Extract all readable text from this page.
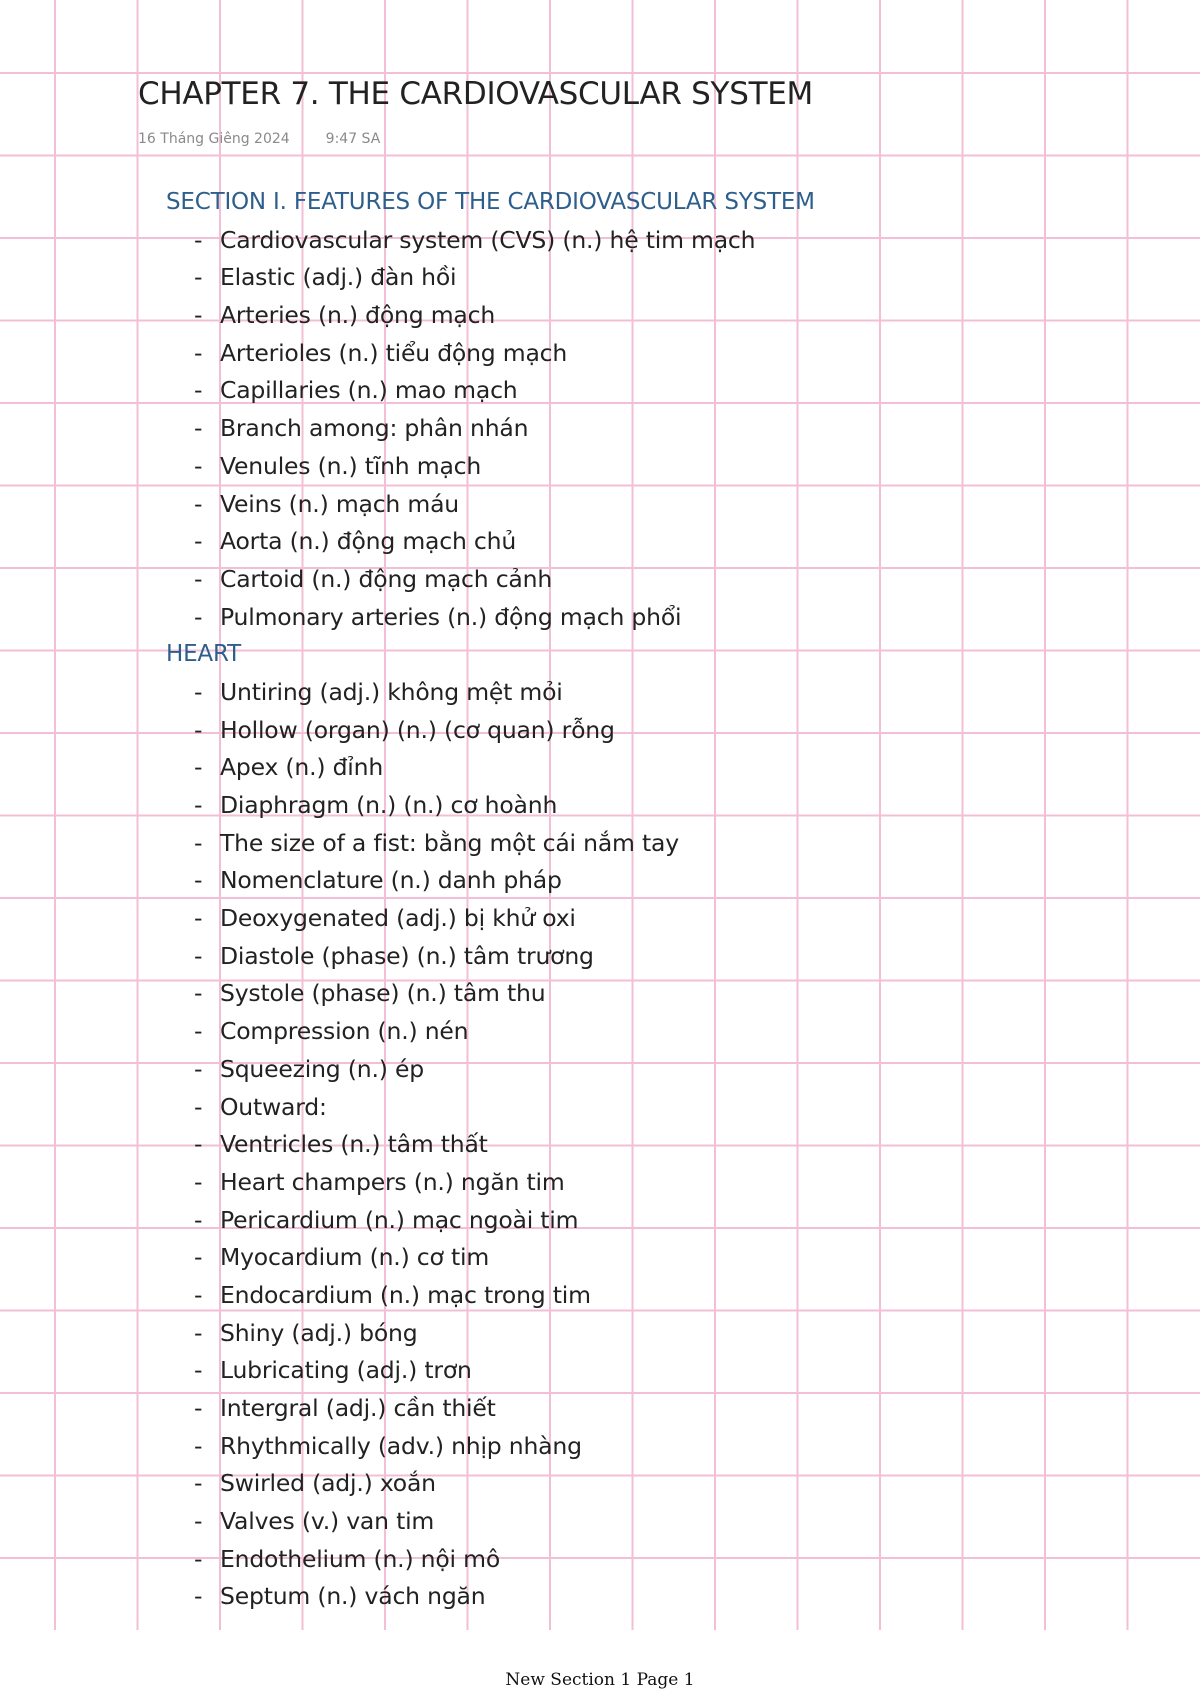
CHAPTER 7. THE CARDIOVASCULAR SYSTEM
16 Tháng Giêng 2024	9:47 SA
SECTION I. FEATURES OF THE CARDIOVASCULAR SYSTEM
- Cardiovascular system (CVS) (n.) hệ tim mạch
- Elastic (adj.) đàn hồi
- Arteries (n.) động mạch
- Arterioles (n.) tiểu động mạch
- Capillaries (n.) mao mạch
- Branch among: phân nhán
- Venules (n.) tĩnh mạch
- Veins (n.) mạch máu
- Aorta (n.) động mạch chủ
- Cartoid (n.) động mạch cảnh
- Pulmonary arteries (n.) động mạch phổi
HEART
- Untiring (adj.) không mệt mỏi
- Hollow (organ) (n.) (cơ quan) rỗng
- Apex (n.) đỉnh
- Diaphragm (n.) (n.) cơ hoành
- The size of a fist: bằng một cái nắm tay
- Nomenclature (n.) danh pháp
- Deoxygenated (adj.) bị khử oxi
- Diastole (phase) (n.) tâm trương
- Systole (phase) (n.) tâm thu
- Compression (n.) nén
- Squeezing (n.) ép
- Outward:
- Ventricles (n.) tâm thất
- Heart champers (n.) ngăn tim
- Pericardium (n.) mạc ngoài tim
- Myocardium (n.) cơ tim
- Endocardium (n.) mạc trong tim
- Shiny (adj.) bóng
- Lubricating (adj.) trơn
- Intergral (adj.) cần thiết
- Rhythmically (adv.) nhịp nhàng
- Swirled (adj.) xoắn
- Valves (v.) van tim
- Endothelium (n.) nội mô
- Septum (n.) vách ngăn
New Section 1 Page 1
